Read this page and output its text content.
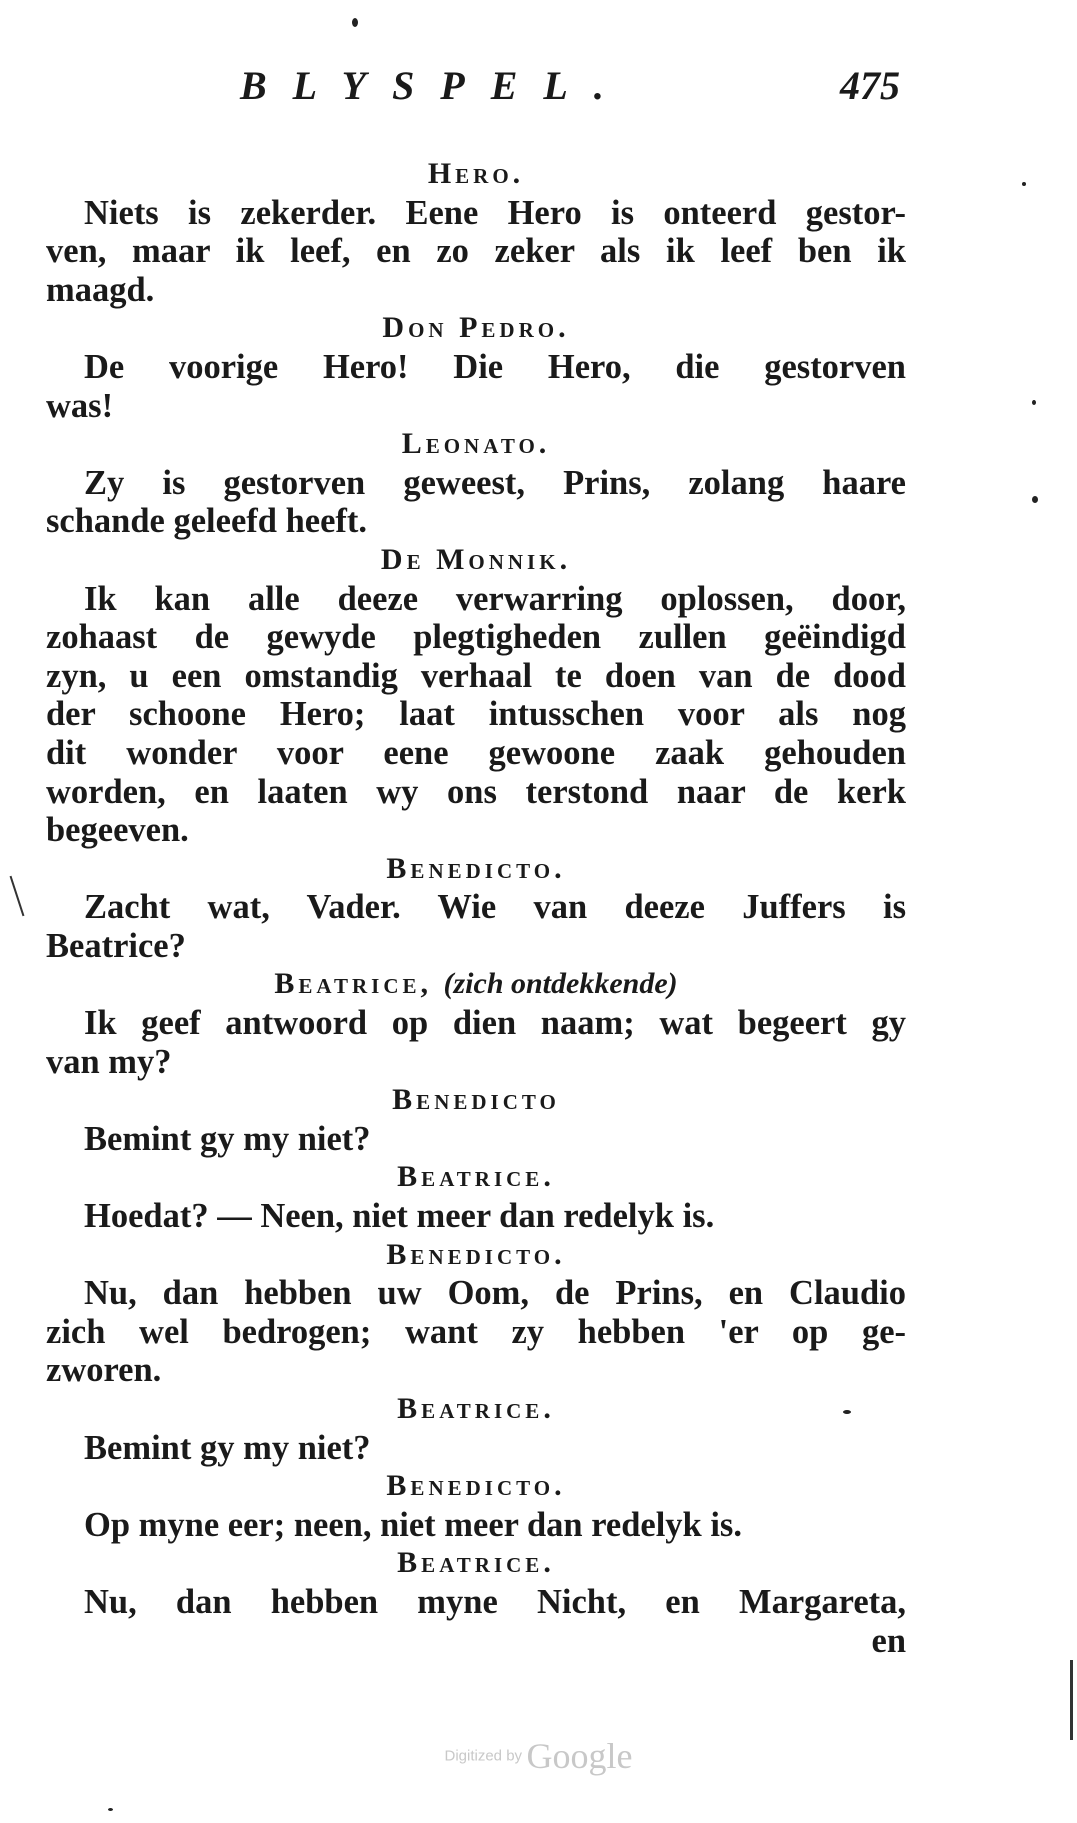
BLYSPEL.	475
Hero.
Niets is zekerder. Eene Hero is onteerd gestor-
ven, maar ik leef, en zo zeker als ik leef ben ik
maagd.
Don Pedro.
De voorige Hero! Die Hero, die gestorven
was!
Leonato.
Zy is gestorven geweest, Prins, zolang haare
schande geleefd heeft.
De Monnik.
Ik kan alle deeze verwarring oplossen, door,
zohaast de gewyde plegtigheden zullen geëindigd
zyn, u een omstandig verhaal te doen van de dood
der schoone Hero; laat intusschen voor als nog
dit wonder voor eene gewoone zaak gehouden
worden, en laaten wy ons terstond naar de kerk
begeeven.
Benedicto.
Zacht wat, Vader. Wie van deeze Juffers is
Beatrice?
Beatrice, (zich ontdekkende)
Ik geef antwoord op dien naam; wat begeert gy
van my?
Benedicto
Bemint gy my niet?
Beatrice.
Hoedat? — Neen, niet meer dan redelyk is.
Benedicto.
Nu, dan hebben uw Oom, de Prins, en Claudio
zich wel bedrogen; want zy hebben 'er op ge-
zworen.
Beatrice.
Bemint gy my niet?
Benedicto.
Op myne eer; neen, niet meer dan redelyk is.
Beatrice.
Nu, dan hebben myne Nicht, en Margareta,
en
Digitized by Google
